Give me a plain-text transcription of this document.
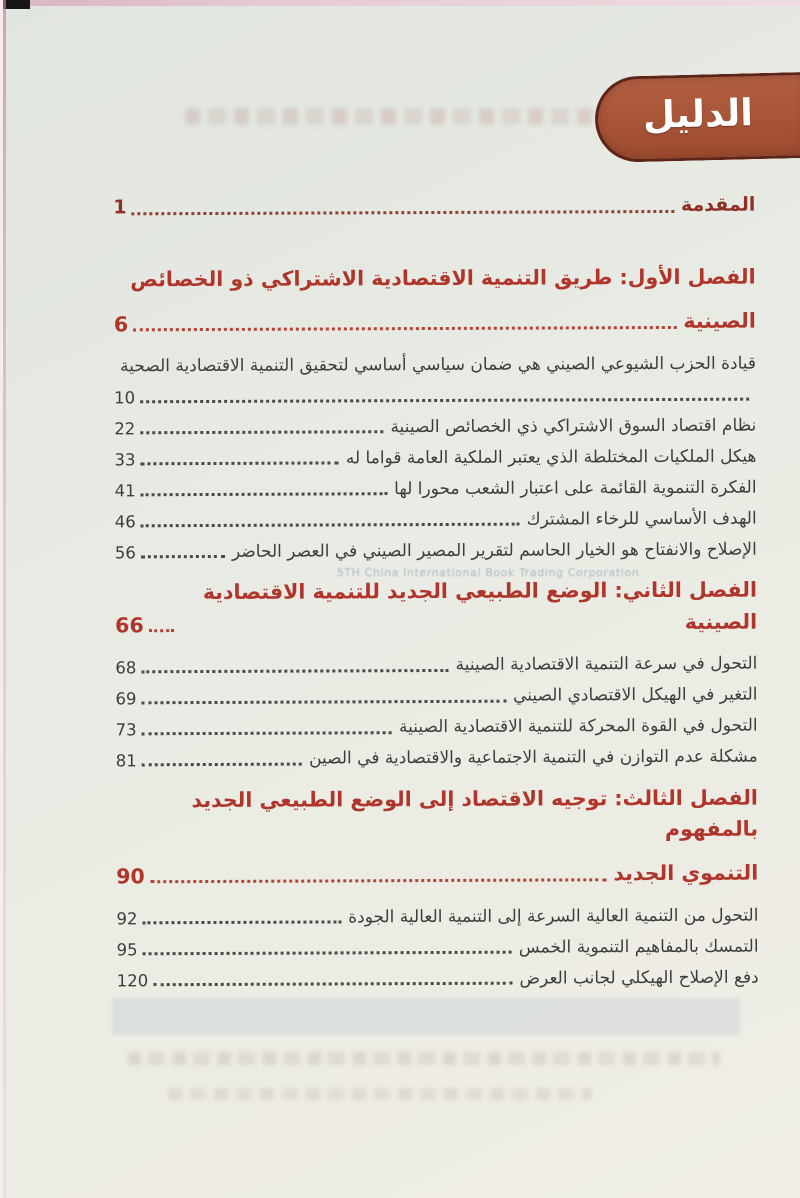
الدليل
المقدمة
1
الفصل الأول: طريق التنمية الاقتصادية الاشتراكي ذو الخصائص
الصينية
6
قيادة الحزب الشيوعي الصيني هي ضمان سياسي أساسي لتحقيق التنمية الاقتصادية الصحية
10
نظام اقتصاد السوق الاشتراكي ذي الخصائص الصينية
22
هيكل الملكيات المختلطة الذي يعتبر الملكية العامة قواما له
33
الفكرة التنموية القائمة على اعتبار الشعب محورا لها
41
الهدف الأساسي للرخاء المشترك
46
الإصلاح والانفتاح هو الخيار الحاسم لتقرير المصير الصيني في العصر الحاضر
56
الفصل الثاني: الوضع الطبيعي الجديد للتنمية الاقتصادية الصينية
66
التحول في سرعة التنمية الاقتصادية الصينية
68
التغير في الهيكل الاقتصادي الصيني
69
التحول في القوة المحركة للتنمية الاقتصادية الصينية
73
مشكلة عدم التوازن في التنمية الاجتماعية والاقتصادية في الصين
81
الفصل الثالث: توجيه الاقتصاد إلى الوضع الطبيعي الجديد بالمفهوم
التنموي الجديد
90
التحول من التنمية العالية السرعة إلى التنمية العالية الجودة
92
التمسك بالمفاهيم التنموية الخمس
95
دفع الإصلاح الهيكلي لجانب العرض
120
5TH China International Book Trading Corporation
